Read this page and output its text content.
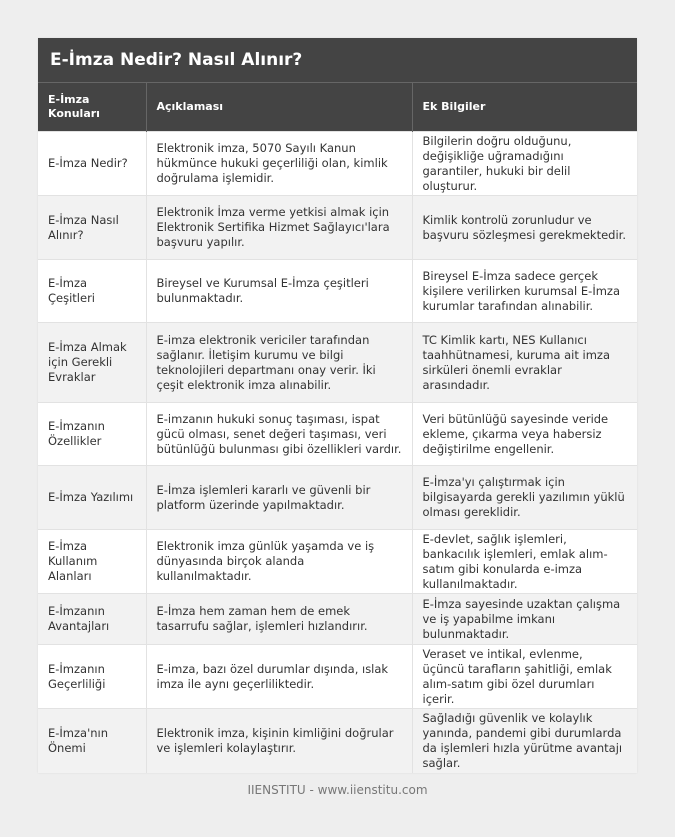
E-İmza Nedir? Nasıl Alınır?
E-İmza Konuları	Açıklaması	Ek Bilgiler
E-İmza Nedir?	Elektronik imza, 5070 Sayılı Kanun hükmünce hukuki geçerliliği olan, kimlik doğrulama işlemidir.	Bilgilerin doğru olduğunu, değişikliğe uğramadığını garantiler, hukuki bir delil oluşturur.
E-İmza Nasıl Alınır?	Elektronik İmza verme yetkisi almak için Elektronik Sertifika Hizmet Sağlayıcı'lara başvuru yapılır.	Kimlik kontrolü zorunludur ve başvuru sözleşmesi gerekmektedir.
E-İmza Çeşitleri	Bireysel ve Kurumsal E-İmza çeşitleri bulunmaktadır.	Bireysel E-İmza sadece gerçek kişilere verilirken kurumsal E-İmza kurumlar tarafından alınabilir.
E-İmza Almak için Gerekli Evraklar	E-imza elektronik vericiler tarafından sağlanır. İletişim kurumu ve bilgi teknolojileri departmanı onay verir. İki çeşit elektronik imza alınabilir.	TC Kimlik kartı, NES Kullanıcı taahhütnamesi, kuruma ait imza sirküleri önemli evraklar arasındadır.
E-İmzanın Özellikler	E-imzanın hukuki sonuç taşıması, ispat gücü olması, senet değeri taşıması, veri bütünlüğü bulunması gibi özellikleri vardır.	Veri bütünlüğü sayesinde veride ekleme, çıkarma veya habersiz değiştirilme engellenir.
E-İmza Yazılımı	E-İmza işlemleri kararlı ve güvenli bir platform üzerinde yapılmaktadır.	E-İmza'yı çalıştırmak için bilgisayarda gerekli yazılımın yüklü olması gereklidir.
E-İmza Kullanım Alanları	Elektronik imza günlük yaşamda ve iş dünyasında birçok alanda kullanılmaktadır.	E-devlet, sağlık işlemleri, bankacılık işlemleri, emlak alım-satım gibi konularda e-imza kullanılmaktadır.
E-İmzanın Avantajları	E-İmza hem zaman hem de emek tasarrufu sağlar, işlemleri hızlandırır.	E-İmza sayesinde uzaktan çalışma ve iş yapabilme imkanı bulunmaktadır.
E-İmzanın Geçerliliği	E-imza, bazı özel durumlar dışında, ıslak imza ile aynı geçerliliktedir.	Veraset ve intikal, evlenme, üçüncü tarafların şahitliği, emlak alım-satım gibi özel durumları içerir.
E-İmza'nın Önemi	Elektronik imza, kişinin kimliğini doğrular ve işlemleri kolaylaştırır.	Sağladığı güvenlik ve kolaylık yanında, pandemi gibi durumlarda da işlemleri hızla yürütme avantajı sağlar.
IIENSTITU - www.iienstitu.com
